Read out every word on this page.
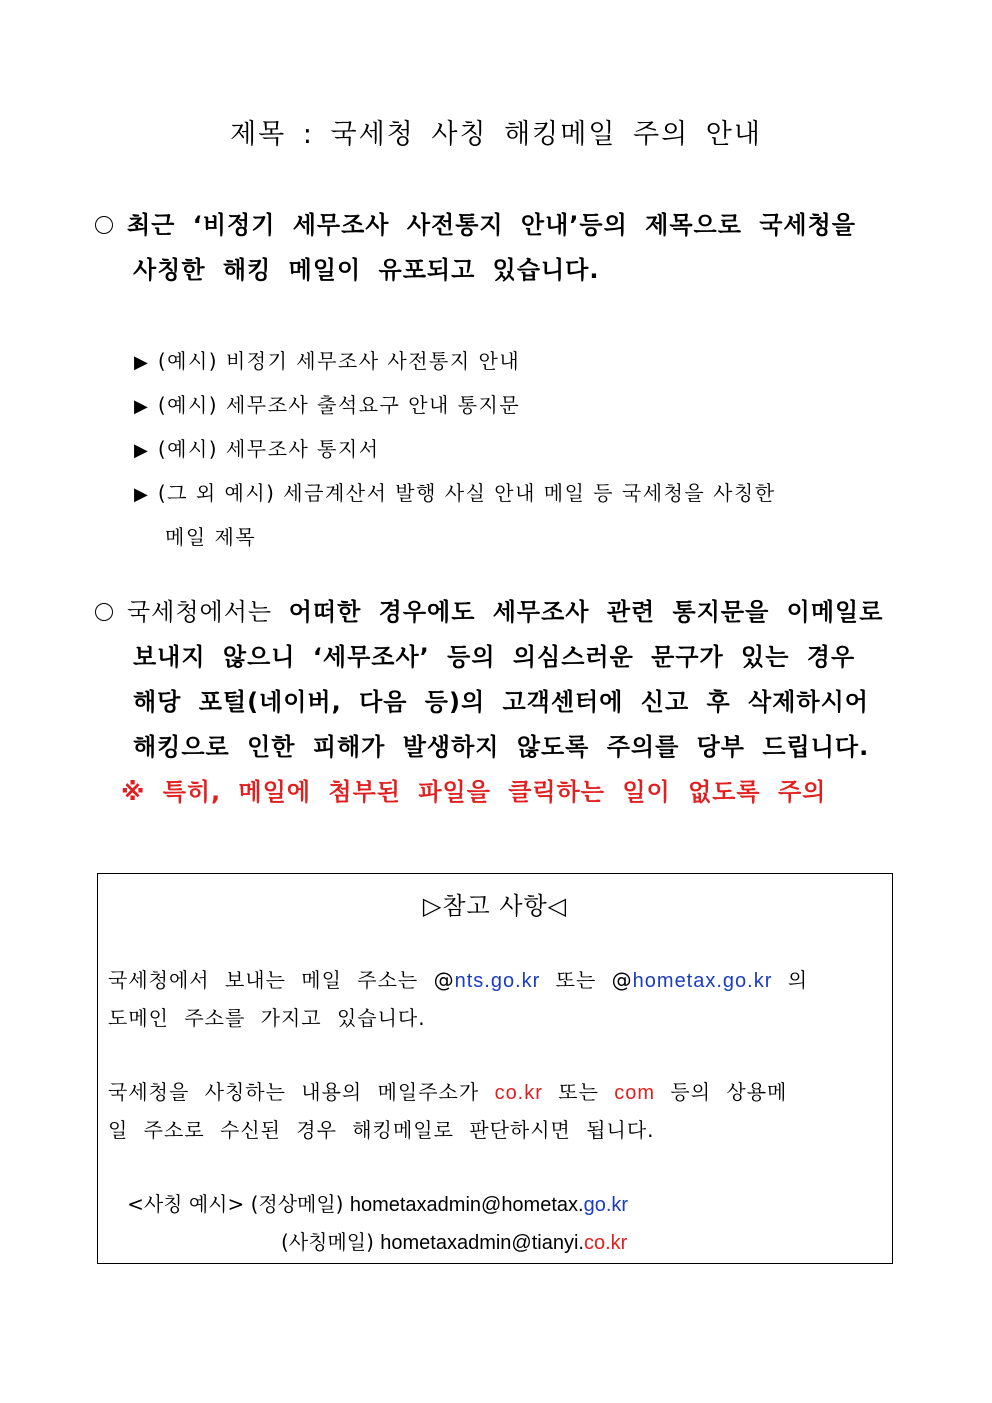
제목 : 국세청 사칭 해킹메일 주의 안내
최근 ‘비정기 세무조사 사전통지 안내’등의 제목으로 국세청을
사칭한 해킹 메일이 유포되고 있습니다.
▶ (예시) 비정기 세무조사 사전통지 안내
▶ (예시) 세무조사 출석요구 안내 통지문
▶ (예시) 세무조사 통지서
▶ (그 외 예시) 세금계산서 발행 사실 안내 메일 등 국세청을 사칭한
메일 제목
국세청에서는 어떠한 경우에도 세무조사 관련 통지문을 이메일로
보내지 않으니 ‘세무조사’ 등의 의심스러운 문구가 있는 경우
해당 포털(네이버, 다음 등)의 고객센터에 신고 후 삭제하시어
해킹으로 인한 피해가 발생하지 않도록 주의를 당부 드립니다.
※ 특히, 메일에 첨부된 파일을 클릭하는 일이 없도록 주의
▷참고 사항◁
국세청에서 보내는 메일 주소는 @nts.go.kr 또는 @hometax.go.kr 의
도메인 주소를 가지고 있습니다.
국세청을 사칭하는 내용의 메일주소가 co.kr 또는 com 등의 상용메
일 주소로 수신된 경우 해킹메일로 판단하시면 됩니다.
<사칭 예시> (정상메일) hometaxadmin@hometax.go.kr
(사칭메일) hometaxadmin@tianyi.co.kr
